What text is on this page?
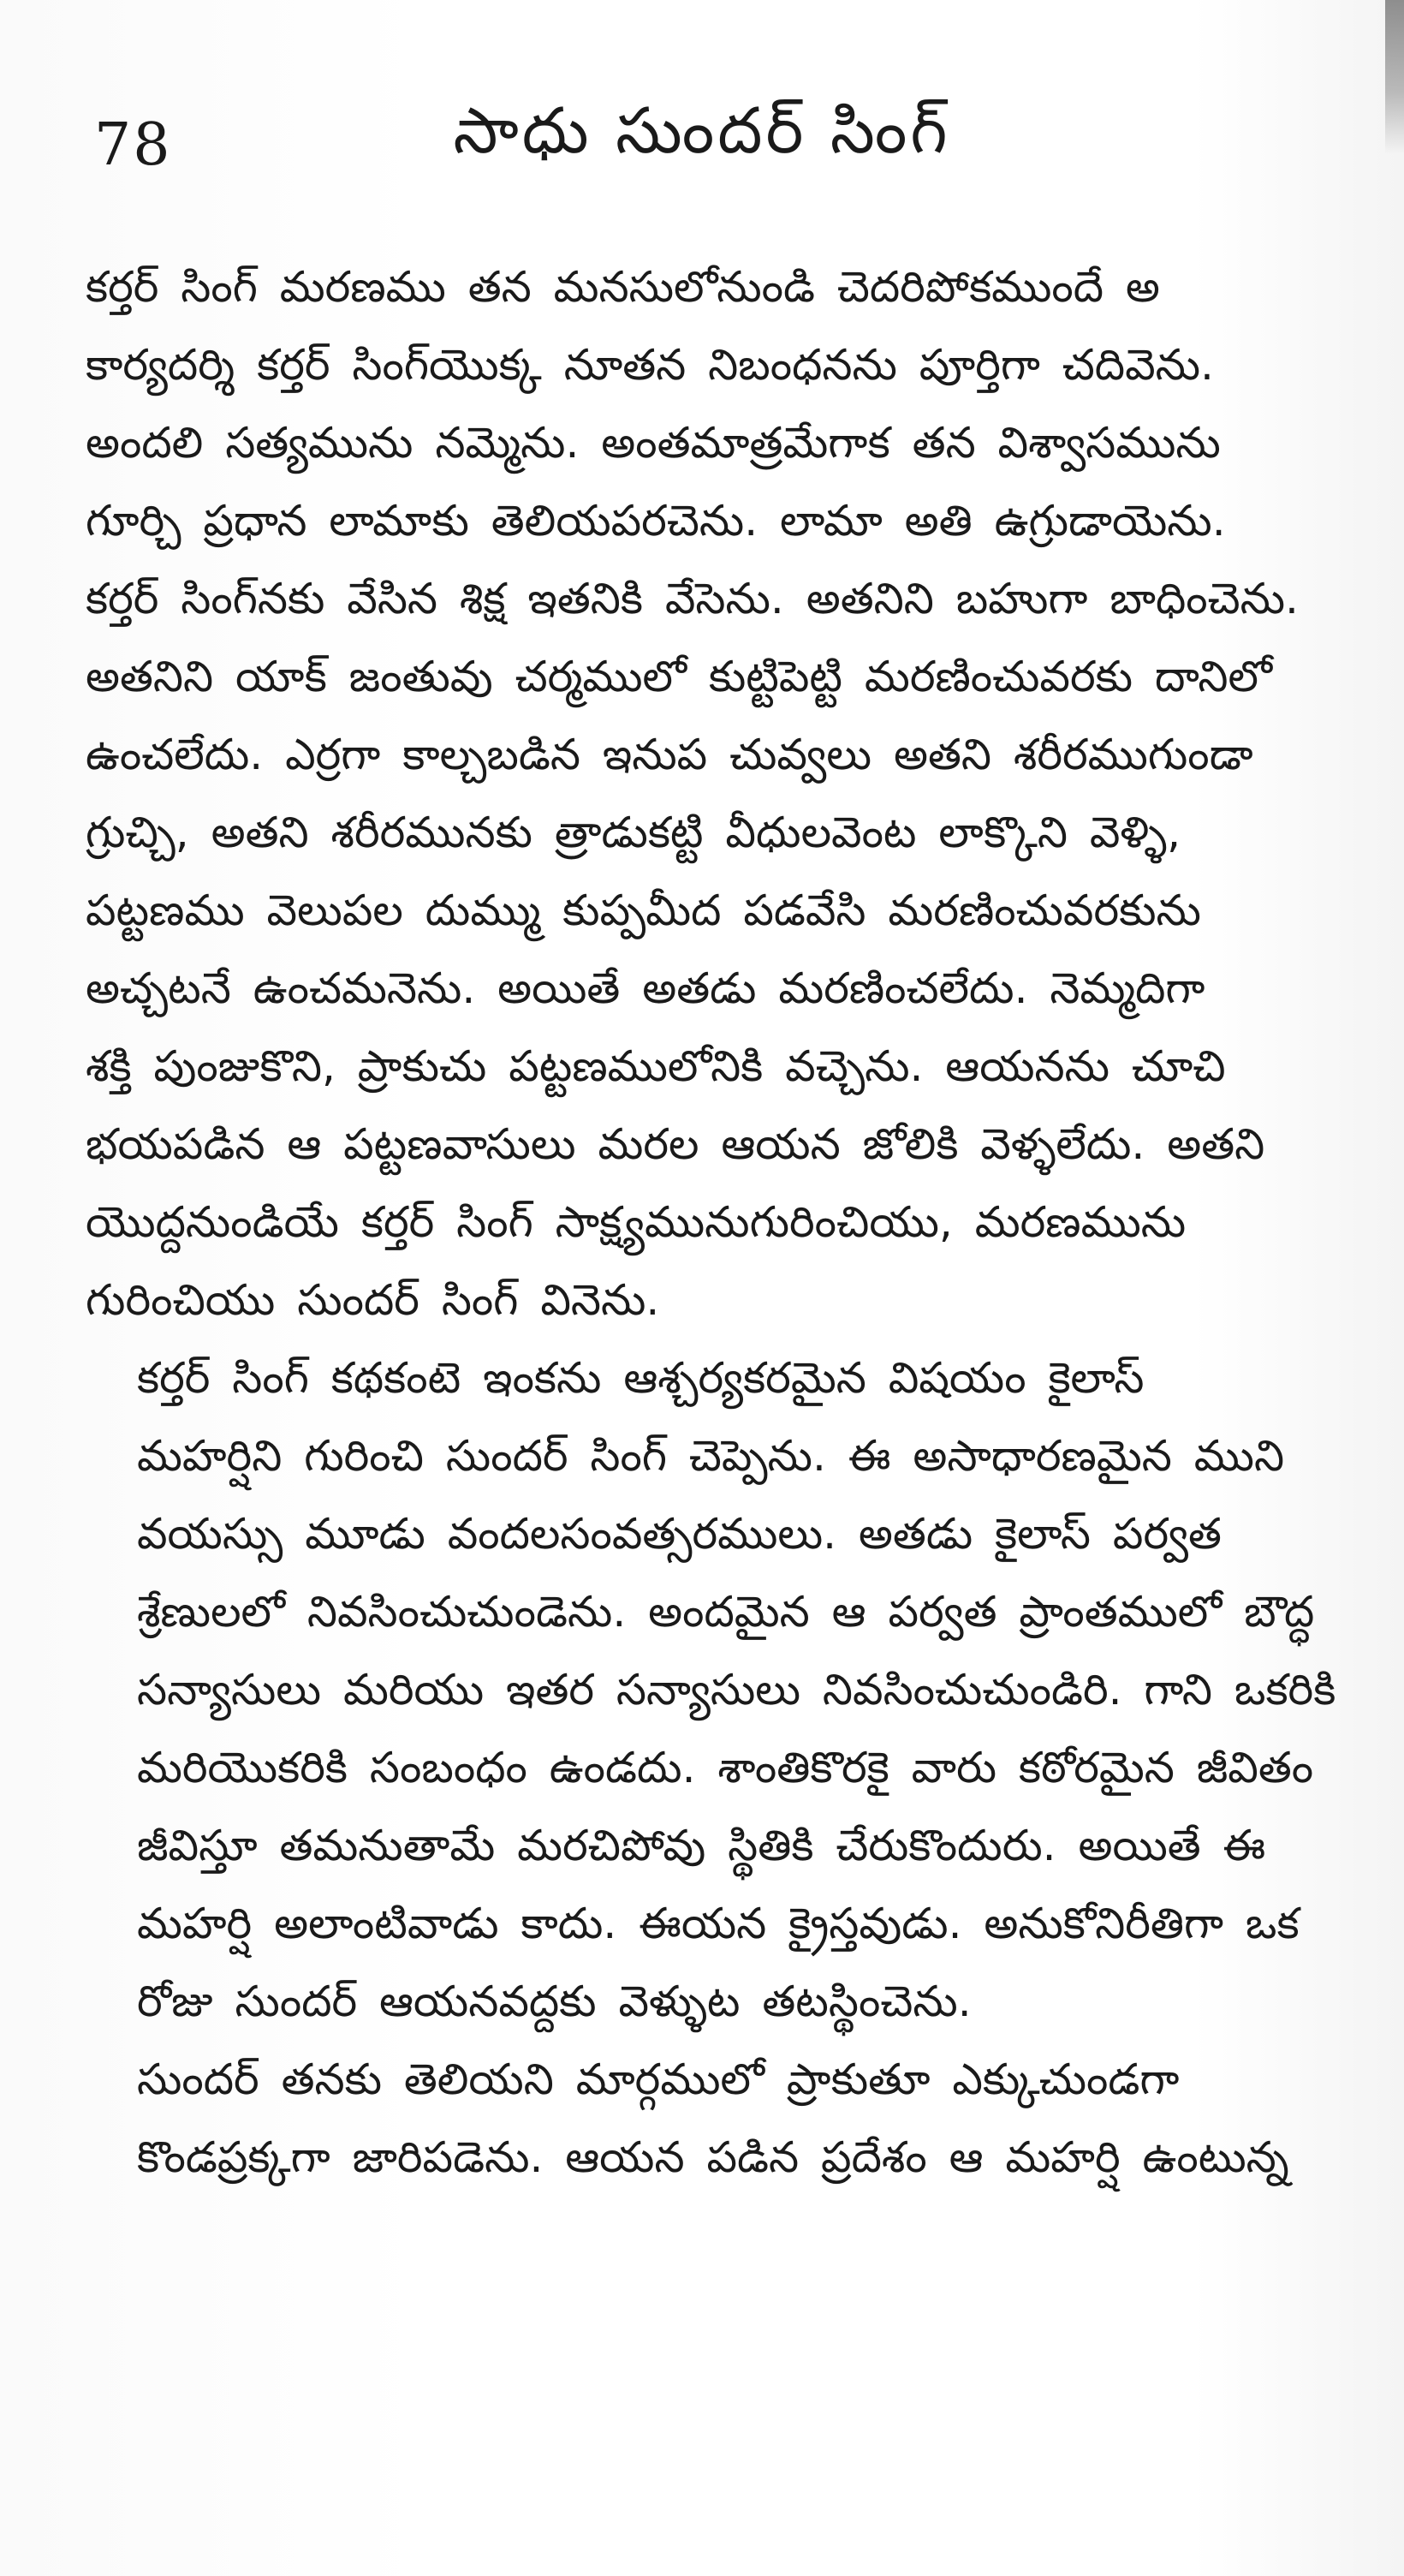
78	సాధు సుందర్ సింగ్

కర్తర్ సింగ్ మరణము తన మనసులోనుండి చెదరిపోకముందే అ
కార్యదర్శి కర్తర్ సింగ్‌యొక్క నూతన నిబంధనను పూర్తిగా చదివెను.
అందలి సత్యమును నమ్మెను. అంతమాత్రమేగాక తన విశ్వాసమును
గూర్చి ప్రధాన లామాకు తెలియపరచెను. లామా అతి ఉగ్రుడాయెను.
కర్తర్ సింగ్‌నకు వేసిన శిక్ష ఇతనికి వేసెను. అతనిని బహుగా బాధించెను.
అతనిని యాక్ జంతువు చర్మములో కుట్టిపెట్టి మరణించువరకు దానిలో
ఉంచలేదు. ఎర్రగా కాల్చబడిన ఇనుప చువ్వలు అతని శరీరముగుండా
గ్రుచ్చి, అతని శరీరమునకు త్రాడుకట్టి వీధులవెంట లాక్కొని వెళ్ళి,
పట్టణము వెలుపల దుమ్ము కుప్పమీద పడవేసి మరణించువరకును
అచ్చటనే ఉంచమనెను. అయితే అతడు మరణించలేదు. నెమ్మదిగా
శక్తి పుంజుకొని, ప్రాకుచు పట్టణములోనికి వచ్చెను. ఆయనను చూచి
భయపడిన ఆ పట్టణవాసులు మరల ఆయన జోలికి వెళ్ళలేదు. అతని
యొద్దనుండియే కర్తర్ సింగ్ సాక్ష్యమునుగురించియు, మరణమును
గురించియు సుందర్ సింగ్ వినెను.

కర్తర్ సింగ్ కథకంటె ఇంకను ఆశ్చర్యకరమైన విషయం కైలాస్
మహర్షిని గురించి సుందర్ సింగ్ చెప్పెను. ఈ అసాధారణమైన ముని
వయస్సు మూడు వందలసంవత్సరములు. అతడు కైలాస్ పర్వత
శ్రేణులలో నివసించుచుండెను. అందమైన ఆ పర్వత ప్రాంతములో బౌద్ధ
సన్యాసులు మరియు ఇతర సన్యాసులు నివసించుచుండిరి. గాని ఒకరికి
మరియొకరికి సంబంధం ఉండదు. శాంతికొరకై వారు కఠోరమైన జీవితం
జీవిస్తూ తమనుతామే మరచిపోవు స్థితికి చేరుకొందురు. అయితే ఈ
మహర్షి అలాంటివాడు కాదు. ఈయన క్రైస్తవుడు. అనుకోనిరీతిగా ఒక
రోజు సుందర్ ఆయనవద్దకు వెళ్ళుట తటస్థించెను.

సుందర్ తనకు తెలియని మార్గములో ప్రాకుతూ ఎక్కుచుండగా
కొండప్రక్కగా జారిపడెను. ఆయన పడిన ప్రదేశం ఆ మహర్షి ఉంటున్న
